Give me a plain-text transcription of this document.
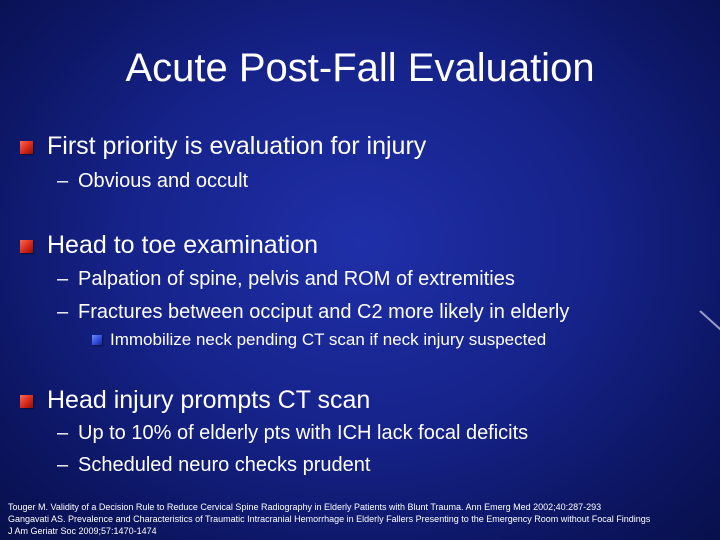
Acute Post-Fall Evaluation
First priority is evaluation for injury
– Obvious and occult
Head to toe examination
– Palpation of spine, pelvis and ROM of extremities
– Fractures between occiput and C2 more likely in elderly
Immobilize neck pending CT scan if neck injury suspected
Head injury prompts CT scan
– Up to 10% of elderly pts with ICH lack focal deficits
– Scheduled neuro checks prudent
Touger M. Validity of a Decision Rule to Reduce Cervical Spine Radiography in Elderly Patients with Blunt Trauma. Ann Emerg Med 2002;40:287-293
Gangavati AS. Prevalence and Characteristics of Traumatic Intracranial Hemorrhage in Elderly Fallers Presenting to the Emergency Room without Focal Findings
J Am Geriatr Soc 2009;57:1470-1474
